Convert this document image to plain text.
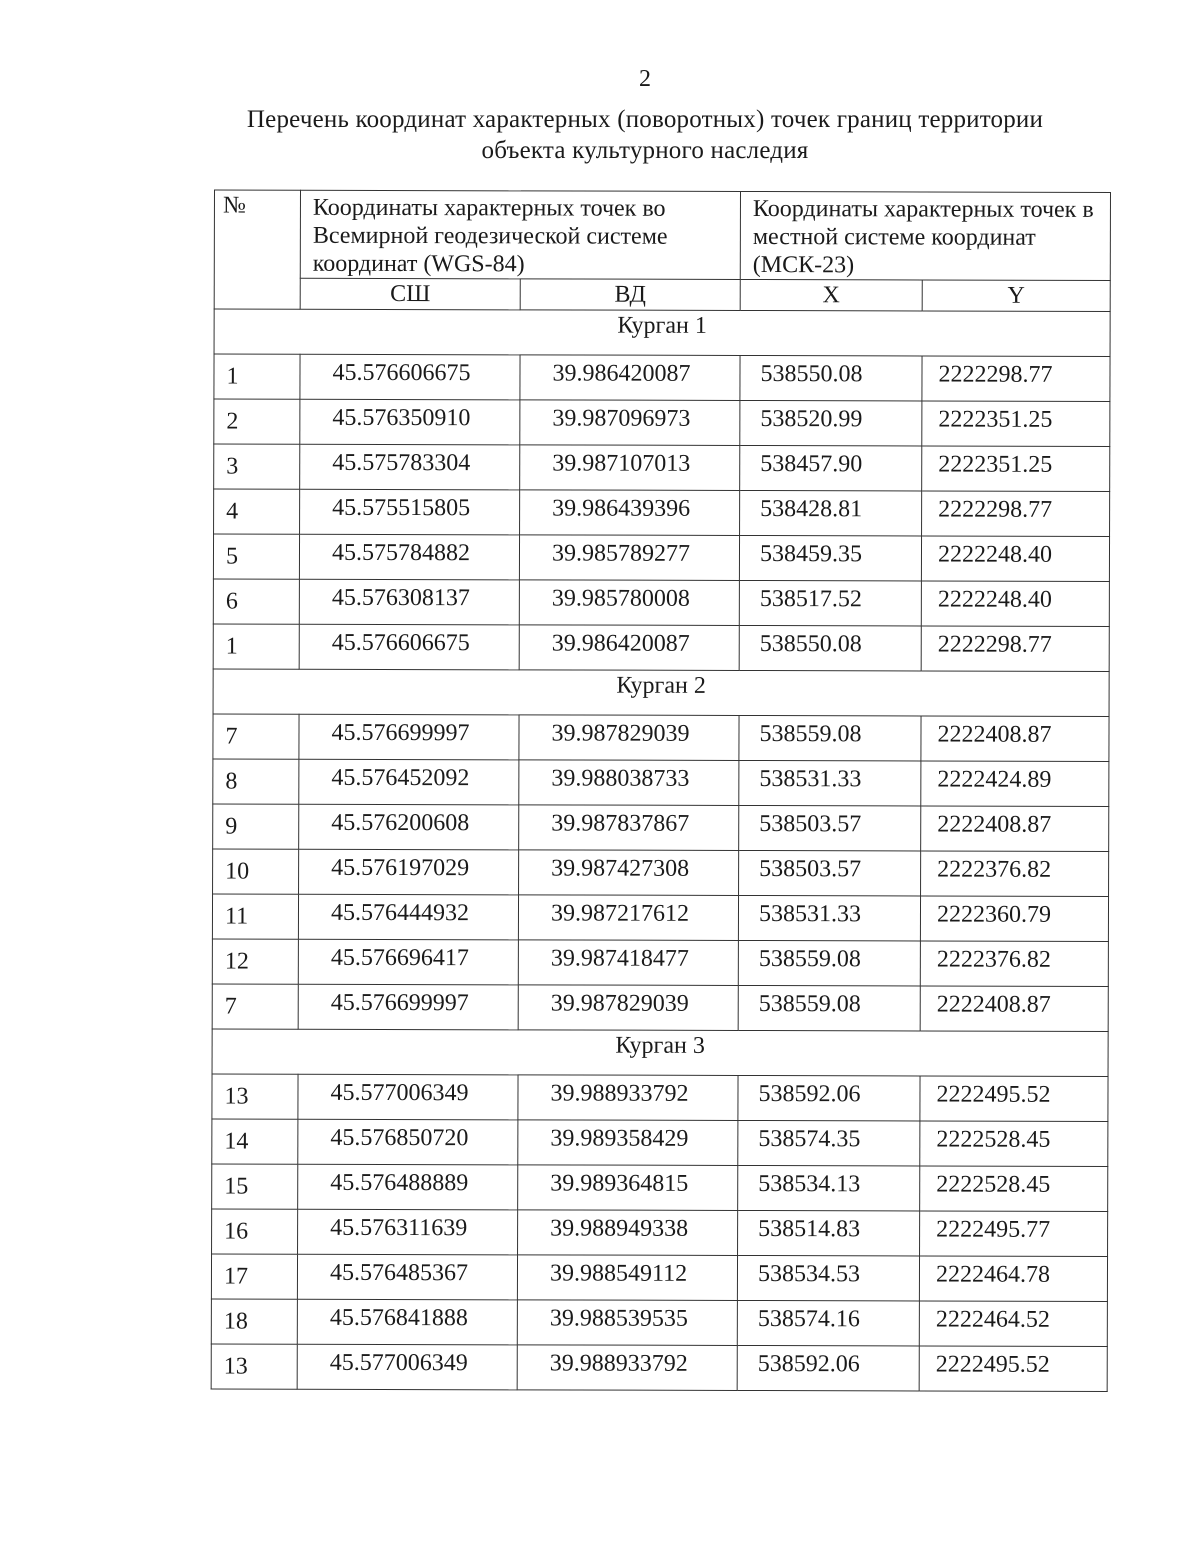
2
Перечень координат характерных (поворотных) точек границ территории
объекта культурного наследия
№	Координаты характерных точек во Всемирной геодезической системе координат (WGS-84)		Координаты характерных точек в местной системе координат (МСК-23)	
	СШ	ВД	X	Y
Курган 1				
1	45.576606675	39.986420087	538550.08	2222298.77
2	45.576350910	39.987096973	538520.99	2222351.25
3	45.575783304	39.987107013	538457.90	2222351.25
4	45.575515805	39.986439396	538428.81	2222298.77
5	45.575784882	39.985789277	538459.35	2222248.40
6	45.576308137	39.985780008	538517.52	2222248.40
1	45.576606675	39.986420087	538550.08	2222298.77
Курган 2				
7	45.576699997	39.987829039	538559.08	2222408.87
8	45.576452092	39.988038733	538531.33	2222424.89
9	45.576200608	39.987837867	538503.57	2222408.87
10	45.576197029	39.987427308	538503.57	2222376.82
11	45.576444932	39.987217612	538531.33	2222360.79
12	45.576696417	39.987418477	538559.08	2222376.82
7	45.576699997	39.987829039	538559.08	2222408.87
Курган 3				
13	45.577006349	39.988933792	538592.06	2222495.52
14	45.576850720	39.989358429	538574.35	2222528.45
15	45.576488889	39.989364815	538534.13	2222528.45
16	45.576311639	39.988949338	538514.83	2222495.77
17	45.576485367	39.988549112	538534.53	2222464.78
18	45.576841888	39.988539535	538574.16	2222464.52
13	45.577006349	39.988933792	538592.06	2222495.52
